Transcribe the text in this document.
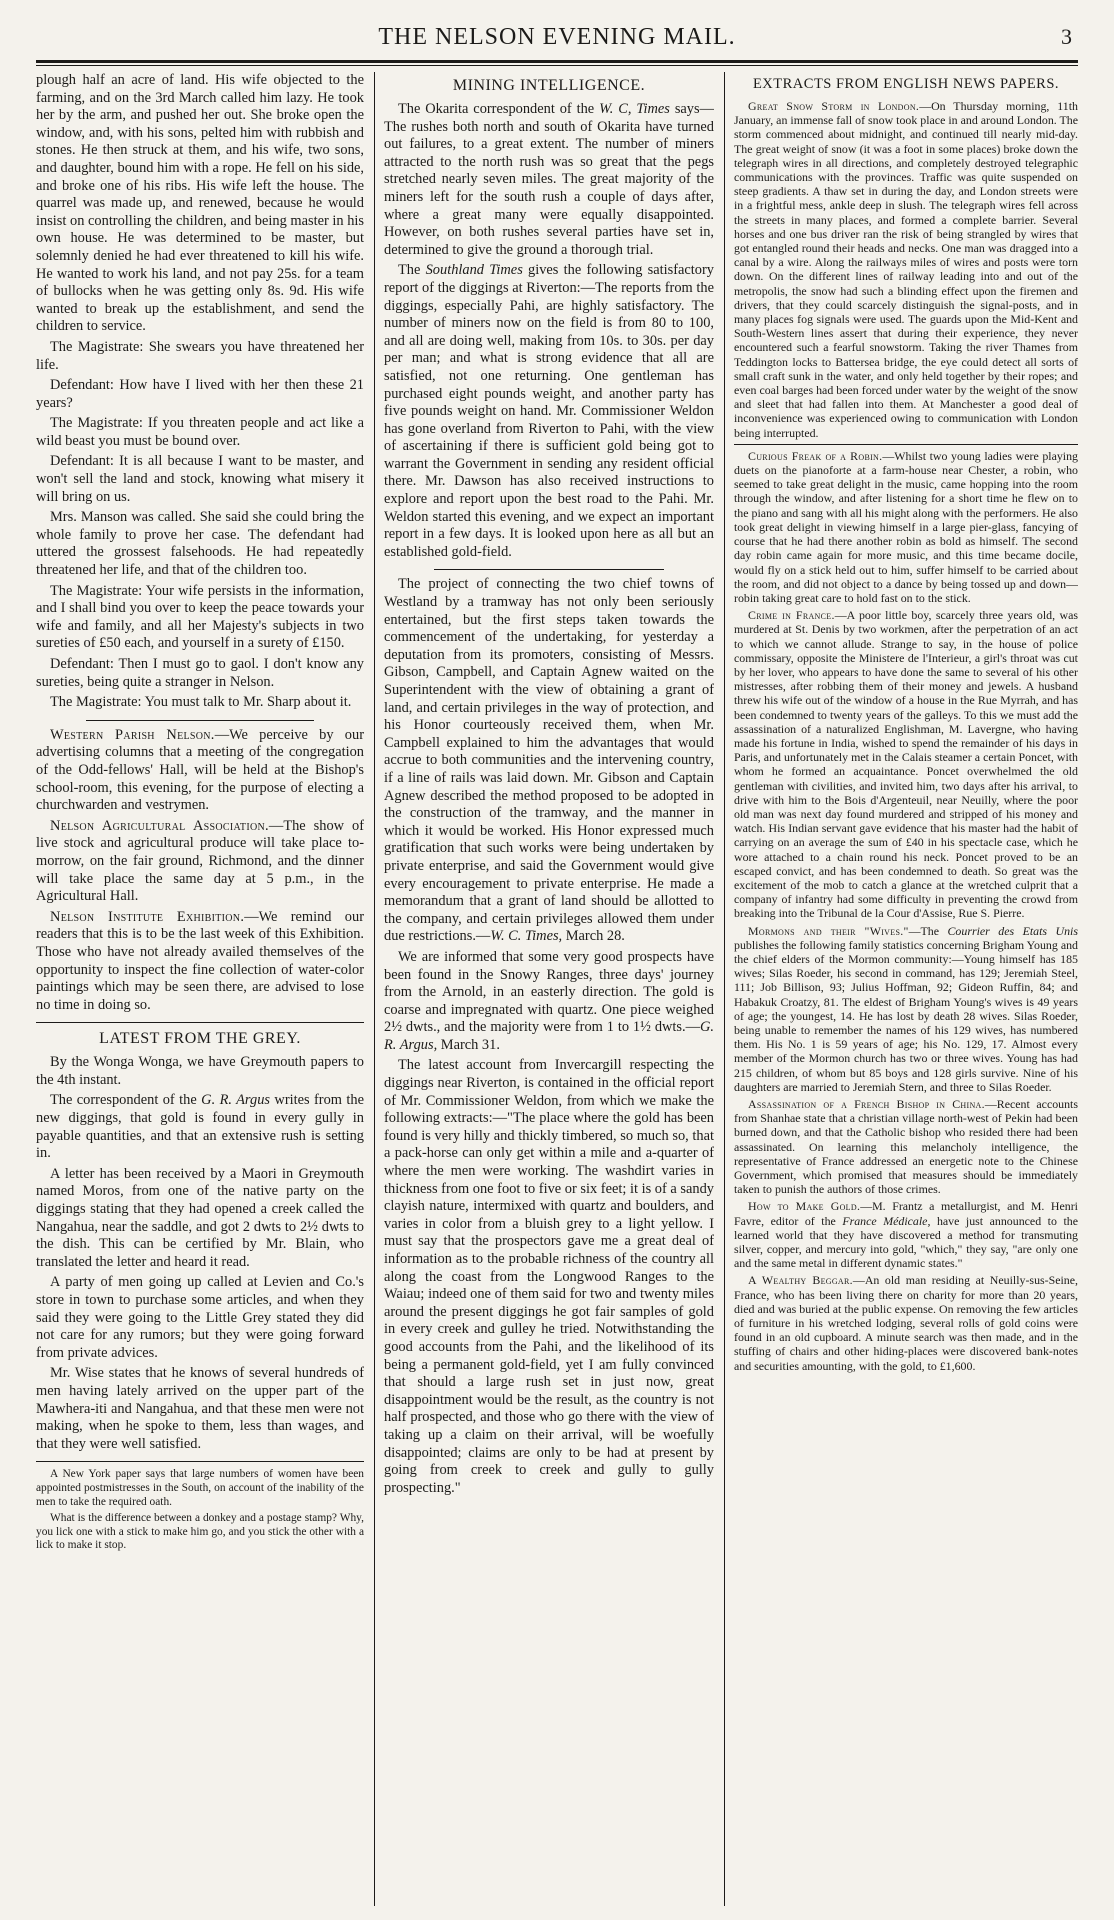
THE NELSON EVENING MAIL.	3

plough half an acre of land. His wife objected to the farming, and on the 3rd March called him lazy. He took her by the arm, and pushed her out. She broke open the window, and, with his sons, pelted him with rubbish and stones. He then struck at them, and his wife, two sons, and daughter, bound him with a rope. He fell on his side, and broke one of his ribs. His wife left the house. The quarrel was made up, and renewed, because he would insist on controlling the children, and being master in his own house. He was determined to be master, but solemnly denied he had ever threatened to kill his wife. He wanted to work his land, and not pay 25s. for a team of bullocks when he was getting only 8s. 9d. His wife wanted to break up the establishment, and send the children to service.

The Magistrate: She swears you have threatened her life.

Defendant: How have I lived with her then these 21 years?

The Magistrate: If you threaten people and act like a wild beast you must be bound over.

Defendant: It is all because I want to be master, and won't sell the land and stock, knowing what misery it will bring on us.

Mrs. Manson was called. She said she could bring the whole family to prove her case. The defendant had uttered the grossest falsehoods. He had repeatedly threatened her life, and that of the children too.

The Magistrate: Your wife persists in the information, and I shall bind you over to keep the peace towards your wife and family, and all her Majesty's subjects in two sureties of £50 each, and yourself in a surety of £150.

Defendant: Then I must go to gaol. I don't know any sureties, being quite a stranger in Nelson.

The Magistrate: You must talk to Mr. Sharp about it.

Western Parish Nelson.—We perceive by our advertising columns that a meeting of the congregation of the Odd-fellows' Hall, will be held at the Bishop's school-room, this evening, for the purpose of electing a churchwarden and vestrymen.

Nelson Agricultural Association.—The show of live stock and agricultural produce will take place to-morrow, on the fair ground, Richmond, and the dinner will take place the same day at 5 p.m., in the Agricultural Hall.

Nelson Institute Exhibition.—We remind our readers that this is to be the last week of this Exhibition. Those who have not already availed themselves of the opportunity to inspect the fine collection of water-color paintings which may be seen there, are advised to lose no time in doing so.

LATEST FROM THE GREY.

By the Wonga Wonga, we have Greymouth papers to the 4th instant.

The correspondent of the G. R. Argus writes from the new diggings, that gold is found in every gully in payable quantities, and that an extensive rush is setting in.

A letter has been received by a Maori in Greymouth named Moros, from one of the native party on the diggings stating that they had opened a creek called the Nangahua, near the saddle, and got 2 dwts to 2½ dwts to the dish. This can be certified by Mr. Blain, who translated the letter and heard it read.

A party of men going up called at Levien and Co.'s store in town to purchase some articles, and when they said they were going to the Little Grey stated they did not care for any rumors; but they were going forward from private advices.

Mr. Wise states that he knows of several hundreds of men having lately arrived on the upper part of the Mawhera-iti and Nangahua, and that these men were not making, when he spoke to them, less than wages, and that they were well satisfied.

A New York paper says that large numbers of women have been appointed postmistresses in the South, on account of the inability of the men to take the required oath.

What is the difference between a donkey and a postage stamp? Why, you lick one with a stick to make him go, and you stick the other with a lick to make it stop.

MINING INTELLIGENCE.

The Okarita correspondent of the W. C, Times says—The rushes both north and south of Okarita have turned out failures, to a great extent. The number of miners attracted to the north rush was so great that the pegs stretched nearly seven miles. The great majority of the miners left for the south rush a couple of days after, where a great many were equally disappointed. However, on both rushes several parties have set in, determined to give the ground a thorough trial.

The Southland Times gives the following satisfactory report of the diggings at Riverton:—The reports from the diggings, especially Pahi, are highly satisfactory. The number of miners now on the field is from 80 to 100, and all are doing well, making from 10s. to 30s. per day per man; and what is strong evidence that all are satisfied, not one returning. One gentleman has purchased eight pounds weight, and another party has five pounds weight on hand. Mr. Commissioner Weldon has gone overland from Riverton to Pahi, with the view of ascertaining if there is sufficient gold being got to warrant the Government in sending any resident official there. Mr. Dawson has also received instructions to explore and report upon the best road to the Pahi. Mr. Weldon started this evening, and we expect an important report in a few days. It is looked upon here as all but an established gold-field.

The project of connecting the two chief towns of Westland by a tramway has not only been seriously entertained, but the first steps taken towards the commencement of the undertaking, for yesterday a deputation from its promoters, consisting of Messrs. Gibson, Campbell, and Captain Agnew waited on the Superintendent with the view of obtaining a grant of land, and certain privileges in the way of protection, and his Honor courteously received them, when Mr. Campbell explained to him the advantages that would accrue to both communities and the intervening country, if a line of rails was laid down. Mr. Gibson and Captain Agnew described the method proposed to be adopted in the construction of the tramway, and the manner in which it would be worked. His Honor expressed much gratification that such works were being undertaken by private enterprise, and said the Government would give every encouragement to private enterprise. He made a memorandum that a grant of land should be allotted to the company, and certain privileges allowed them under due restrictions.—W. C. Times, March 28.

We are informed that some very good prospects have been found in the Snowy Ranges, three days' journey from the Arnold, in an easterly direction. The gold is coarse and impregnated with quartz. One piece weighed 2½ dwts., and the majority were from 1 to 1½ dwts.—G. R. Argus, March 31.

The latest account from Invercargill respecting the diggings near Riverton, is contained in the official report of Mr. Commissioner Weldon, from which we make the following extracts:—"The place where the gold has been found is very hilly and thickly timbered, so much so, that a pack-horse can only get within a mile and a-quarter of where the men were working. The washdirt varies in thickness from one foot to five or six feet; it is of a sandy clayish nature, intermixed with quartz and boulders, and varies in color from a bluish grey to a light yellow. I must say that the prospectors gave me a great deal of information as to the probable richness of the country all along the coast from the Longwood Ranges to the Waiau; indeed one of them said for two and twenty miles around the present diggings he got fair samples of gold in every creek and gulley he tried. Notwithstanding the good accounts from the Pahi, and the likelihood of its being a permanent gold-field, yet I am fully convinced that should a large rush set in just now, great disappointment would be the result, as the country is not half prospected, and those who go there with the view of taking up a claim on their arrival, will be woefully disappointed; claims are only to be had at present by going from creek to creek and gully to gully prospecting."

EXTRACTS FROM ENGLISH NEWS PAPERS.

Great Snow Storm in London.—On Thursday morning, 11th January, an immense fall of snow took place in and around London. The storm commenced about midnight, and continued till nearly mid-day. The great weight of snow (it was a foot in some places) broke down the telegraph wires in all directions, and completely destroyed telegraphic communications with the provinces. Traffic was quite suspended on steep gradients. A thaw set in during the day, and London streets were in a frightful mess, ankle deep in slush. The telegraph wires fell across the streets in many places, and formed a complete barrier. Several horses and one bus driver ran the risk of being strangled by wires that got entangled round their heads and necks. One man was dragged into a canal by a wire. Along the railways miles of wires and posts were torn down. On the different lines of railway leading into and out of the metropolis, the snow had such a blinding effect upon the firemen and drivers, that they could scarcely distinguish the signal-posts, and in many places fog signals were used. The guards upon the Mid-Kent and South-Western lines assert that during their experience, they never encountered such a fearful snowstorm. Taking the river Thames from Teddington locks to Battersea bridge, the eye could detect all sorts of small craft sunk in the water, and only held together by their ropes; and even coal barges had been forced under water by the weight of the snow and sleet that had fallen into them. At Manchester a good deal of inconvenience was experienced owing to communication with London being interrupted.

Curious Freak of a Robin.—Whilst two young ladies were playing duets on the pianoforte at a farm-house near Chester, a robin, who seemed to take great delight in the music, came hopping into the room through the window, and after listening for a short time he flew on to the piano and sang with all his might along with the performers. He also took great delight in viewing himself in a large pier-glass, fancying of course that he had there another robin as bold as himself. The second day robin came again for more music, and this time became docile, would fly on a stick held out to him, suffer himself to be carried about the room, and did not object to a dance by being tossed up and down—robin taking great care to hold fast on to the stick.

Crime in France.—A poor little boy, scarcely three years old, was murdered at St. Denis by two workmen, after the perpetration of an act to which we cannot allude. Strange to say, in the house of police commissary, opposite the Ministere de l'Interieur, a girl's throat was cut by her lover, who appears to have done the same to several of his other mistresses, after robbing them of their money and jewels. A husband threw his wife out of the window of a house in the Rue Myrrah, and has been condemned to twenty years of the galleys. To this we must add the assassination of a naturalized Englishman, M. Lavergne, who having made his fortune in India, wished to spend the remainder of his days in Paris, and unfortunately met in the Calais steamer a certain Poncet, with whom he formed an acquaintance. Poncet overwhelmed the old gentleman with civilities, and invited him, two days after his arrival, to drive with him to the Bois d'Argenteuil, near Neuilly, where the poor old man was next day found murdered and stripped of his money and watch. His Indian servant gave evidence that his master had the habit of carrying on an average the sum of £40 in his spectacle case, which he wore attached to a chain round his neck. Poncet proved to be an escaped convict, and has been condemned to death. So great was the excitement of the mob to catch a glance at the wretched culprit that a company of infantry had some difficulty in preventing the crowd from breaking into the Tribunal de la Cour d'Assise, Rue S. Pierre.

Mormons and their "Wives."—The Courrier des Etats Unis publishes the following family statistics concerning Brigham Young and the chief elders of the Mormon community:—Young himself has 185 wives; Silas Roeder, his second in command, has 129; Jeremiah Steel, 111; Job Billison, 93; Julius Hoffman, 92; Gideon Ruffin, 84; and Habakuk Croatzy, 81. The eldest of Brigham Young's wives is 49 years of age; the youngest, 14. He has lost by death 28 wives. Silas Roeder, being unable to remember the names of his 129 wives, has numbered them. His No. 1 is 59 years of age; his No. 129, 17. Almost every member of the Mormon church has two or three wives. Young has had 215 children, of whom but 85 boys and 128 girls survive. Nine of his daughters are married to Jeremiah Stern, and three to Silas Roeder.

Assassination of a French Bishop in China.—Recent accounts from Shanhae state that a christian village north-west of Pekin had been burned down, and that the Catholic bishop who resided there had been assassinated. On learning this melancholy intelligence, the representative of France addressed an energetic note to the Chinese Government, which promised that measures should be immediately taken to punish the authors of those crimes.

How to Make Gold.—M. Frantz a metallurgist, and M. Henri Favre, editor of the France Médicale, have just announced to the learned world that they have discovered a method for transmuting silver, copper, and mercury into gold, "which," they say, "are only one and the same metal in different dynamic states."

A Wealthy Beggar.—An old man residing at Neuilly-sus-Seine, France, who has been living there on charity for more than 20 years, died and was buried at the public expense. On removing the few articles of furniture in his wretched lodging, several rolls of gold coins were found in an old cupboard. A minute search was then made, and in the stuffing of chairs and other hiding-places were discovered bank-notes and securities amounting, with the gold, to £1,600.
